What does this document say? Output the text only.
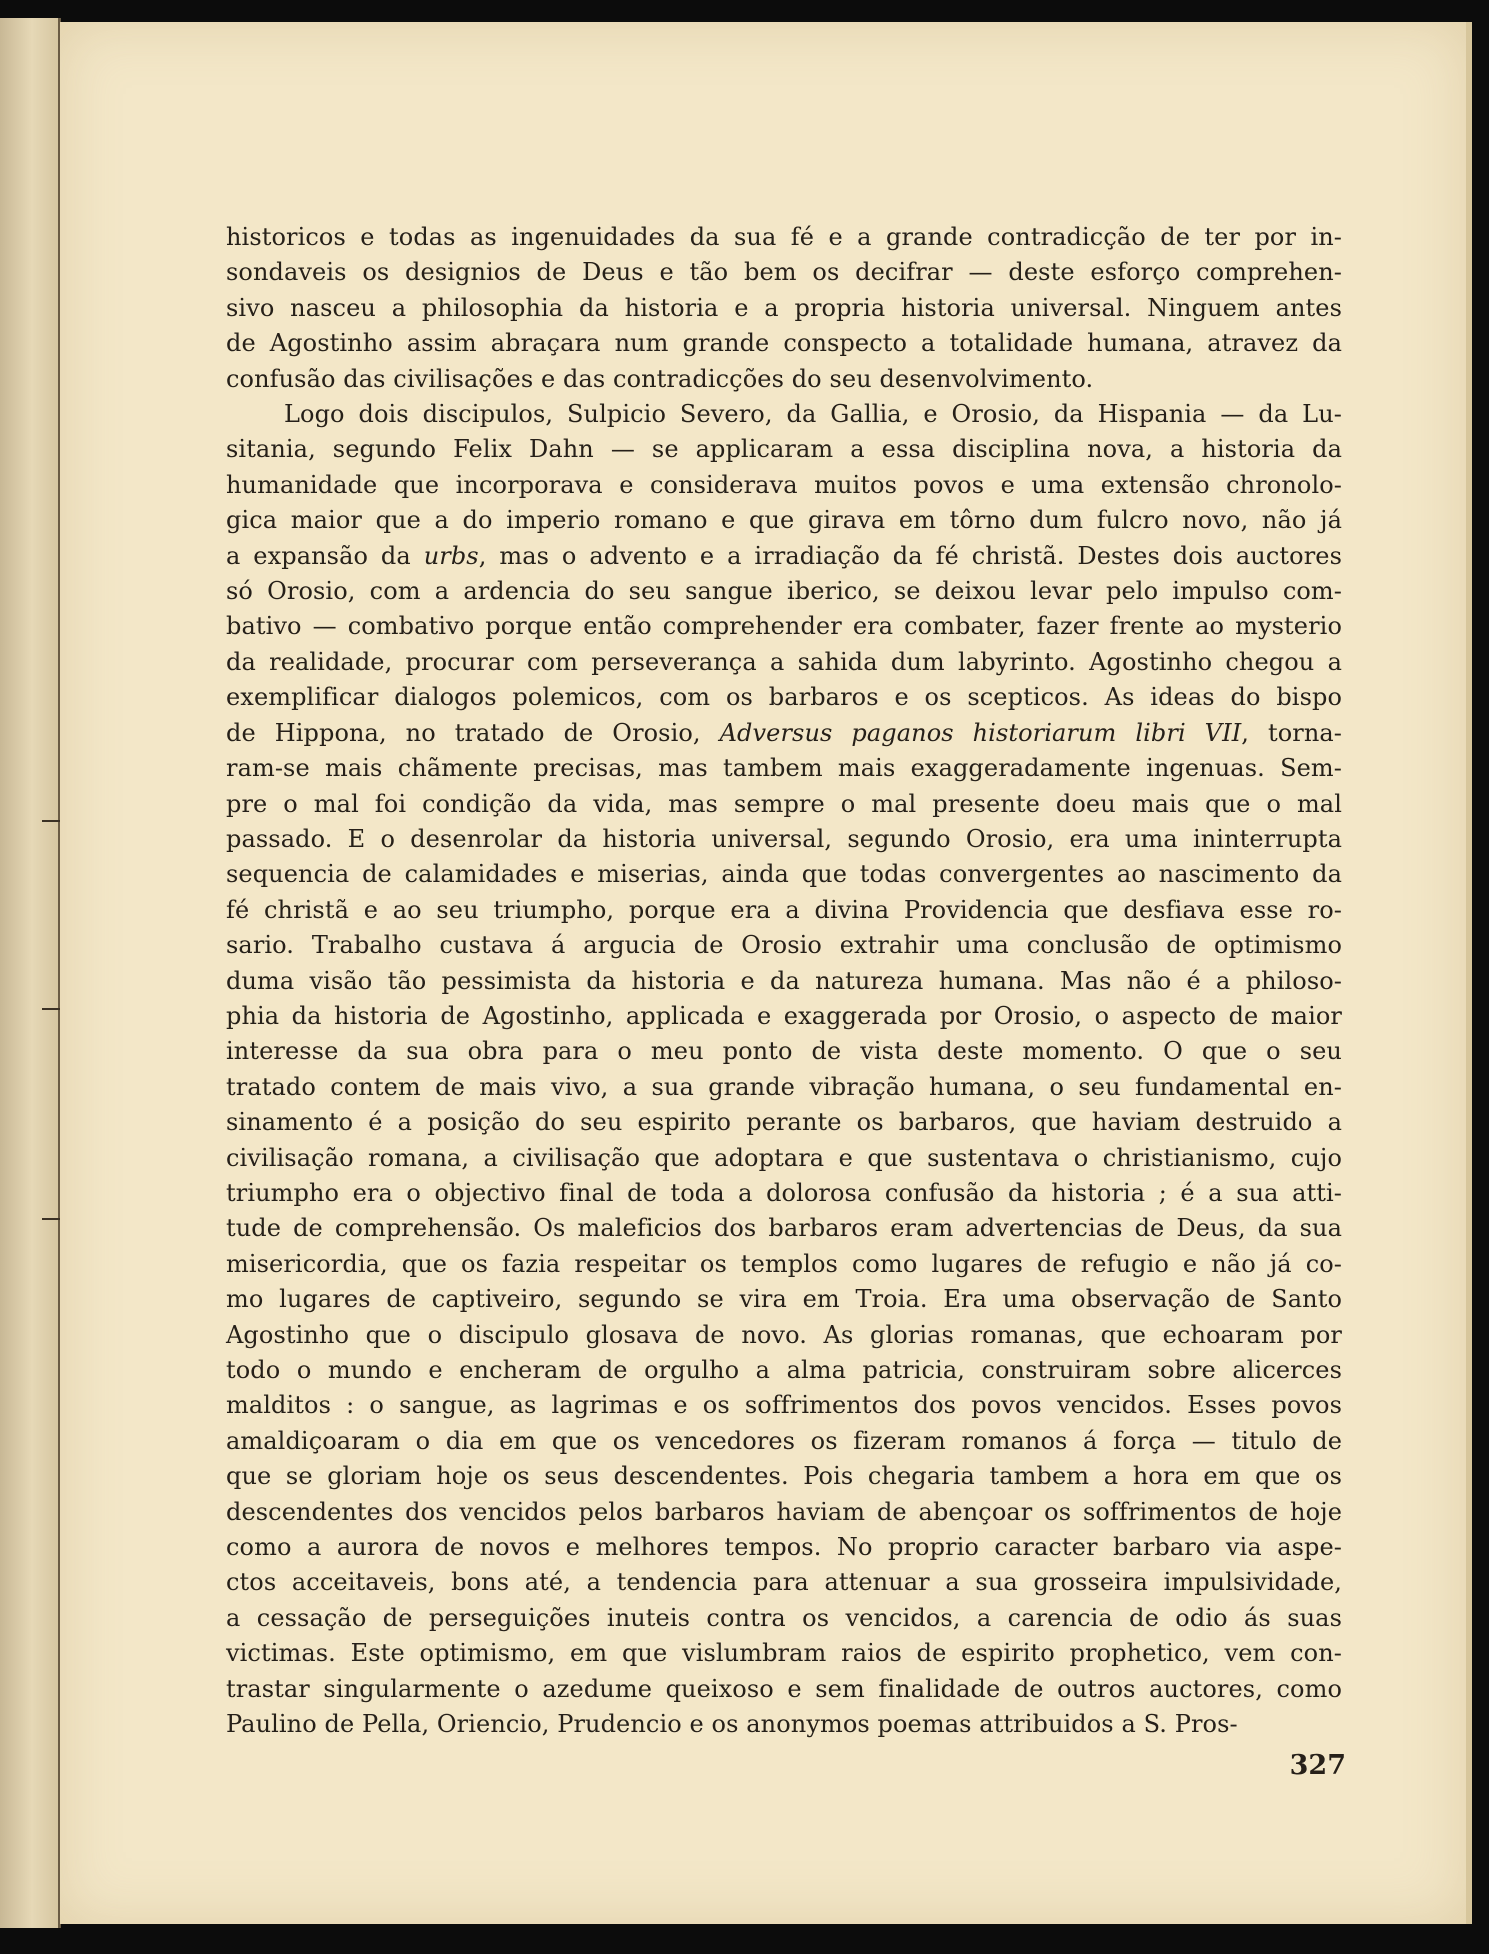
historicos e todas as ingenuidades da sua fé e a grande contradicção de ter por in-
sondaveis os designios de Deus e tão bem os decifrar — deste esforço comprehen-
sivo nasceu a philosophia da historia e a propria historia universal. Ninguem antes
de Agostinho assim abraçara num grande conspecto a totalidade humana, atravez da
confusão das civilisações e das contradicções do seu desenvolvimento.
Logo dois discipulos, Sulpicio Severo, da Gallia, e Orosio, da Hispania — da Lu-
sitania, segundo Felix Dahn — se applicaram a essa disciplina nova, a historia da
humanidade que incorporava e considerava muitos povos e uma extensão chronolo-
gica maior que a do imperio romano e que girava em tôrno dum fulcro novo, não já
a expansão da urbs, mas o advento e a irradiação da fé christã. Destes dois auctores
só Orosio, com a ardencia do seu sangue iberico, se deixou levar pelo impulso com-
bativo — combativo porque então comprehender era combater, fazer frente ao mysterio
da realidade, procurar com perseverança a sahida dum labyrinto. Agostinho chegou a
exemplificar dialogos polemicos, com os barbaros e os scepticos. As ideas do bispo
de Hippona, no tratado de Orosio, Adversus paganos historiarum libri VII, torna-
ram-se mais chãmente precisas, mas tambem mais exaggeradamente ingenuas. Sem-
pre o mal foi condição da vida, mas sempre o mal presente doeu mais que o mal
passado. E o desenrolar da historia universal, segundo Orosio, era uma ininterrupta
sequencia de calamidades e miserias, ainda que todas convergentes ao nascimento da
fé christã e ao seu triumpho, porque era a divina Providencia que desfiava esse ro-
sario. Trabalho custava á argucia de Orosio extrahir uma conclusão de optimismo
duma visão tão pessimista da historia e da natureza humana. Mas não é a philoso-
phia da historia de Agostinho, applicada e exaggerada por Orosio, o aspecto de maior
interesse da sua obra para o meu ponto de vista deste momento. O que o seu
tratado contem de mais vivo, a sua grande vibração humana, o seu fundamental en-
sinamento é a posição do seu espirito perante os barbaros, que haviam destruido a
civilisação romana, a civilisação que adoptara e que sustentava o christianismo, cujo
triumpho era o objectivo final de toda a dolorosa confusão da historia ; é a sua atti-
tude de comprehensão. Os maleficios dos barbaros eram advertencias de Deus, da sua
misericordia, que os fazia respeitar os templos como lugares de refugio e não já co-
mo lugares de captiveiro, segundo se vira em Troia. Era uma observação de Santo
Agostinho que o discipulo glosava de novo. As glorias romanas, que echoaram por
todo o mundo e encheram de orgulho a alma patricia, construiram sobre alicerces
malditos : o sangue, as lagrimas e os soffrimentos dos povos vencidos. Esses povos
amaldiçoaram o dia em que os vencedores os fizeram romanos á força — titulo de
que se gloriam hoje os seus descendentes. Pois chegaria tambem a hora em que os
descendentes dos vencidos pelos barbaros haviam de abençoar os soffrimentos de hoje
como a aurora de novos e melhores tempos. No proprio caracter barbaro via aspe-
ctos acceitaveis, bons até, a tendencia para attenuar a sua grosseira impulsividade,
a cessação de perseguições inuteis contra os vencidos, a carencia de odio ás suas
victimas. Este optimismo, em que vislumbram raios de espirito prophetico, vem con-
trastar singularmente o azedume queixoso e sem finalidade de outros auctores, como
Paulino de Pella, Oriencio, Prudencio e os anonymos poemas attribuidos a S. Pros-
327
